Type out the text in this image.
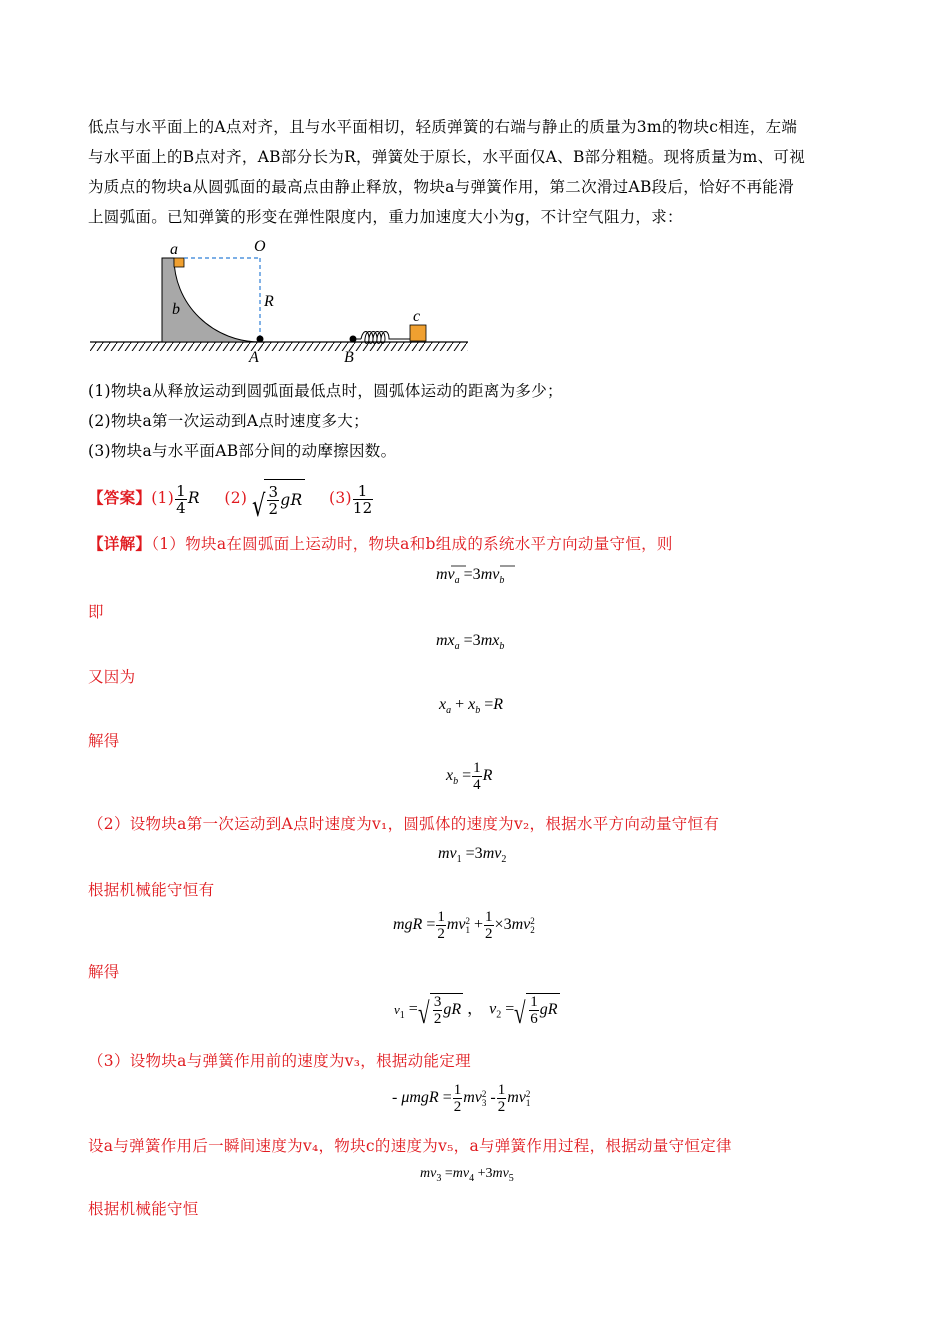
低点与水平面上的A点对齐，且与水平面相切，轻质弹簧的右端与静止的质量为3m的物块c相连，左端
与水平面上的B点对齐，AB部分长为R，弹簧处于原长，水平面仅A、B部分粗糙。现将质量为m、可视
为质点的物块a从圆弧面的最高点由静止释放，物块a与弹簧作用，第二次滑过AB段后，恰好不再能滑
上圆弧面。已知弹簧的形变在弹性限度内，重力加速度大小为g，不计空气阻力，求：
a	O
R
b	c
A	B
(1)物块a从释放运动到圆弧面最低点时，圆弧体运动的距离为多少；
(2)物块a第一次运动到A点时速度多大；
(3)物块a与水平面AB部分间的动摩擦因数。
【答案】$(1) \frac{1}{4}$ R (2) √ $\frac{3}{2}$ gR $(3) \frac{1}{12}$
【详解】（1）物块a在圆弧面上运动时，物块a和b组成的系统水平方向动量守恒，则
$mv_a =3mv_b$
即
$mx_a =3mx_b$
又因为
$x_a + x_b =R$
解得
$x_b = \frac{1}{4}$ R
（2）设物块a第一次运动到A点时速度为v₁，圆弧体的速度为v₂，根据水平方向动量守恒有
$mv_1 =3mv_2$
根据机械能守恒有
mgR = $\frac{1}{2} mv2$
$1 + \frac{1}{2} \times 3mv2$
2
解得
$v_1$ = √ $\frac{3}{2}$ gR ， $v_2$ = √ $\frac{1}{6}$ gR
（3）设物块a与弹簧作用前的速度为v₃，根据动能定理
- $\mu mgR = \frac{1}{2} mv2$
$3 - \frac{1}{2} mv2$
1
设a与弹簧作用后一瞬间速度为v₄，物块c的速度为v₅，a与弹簧作用过程，根据动量守恒定律
$mv_3 =mv_4 +3mv_5$
根据机械能守恒
